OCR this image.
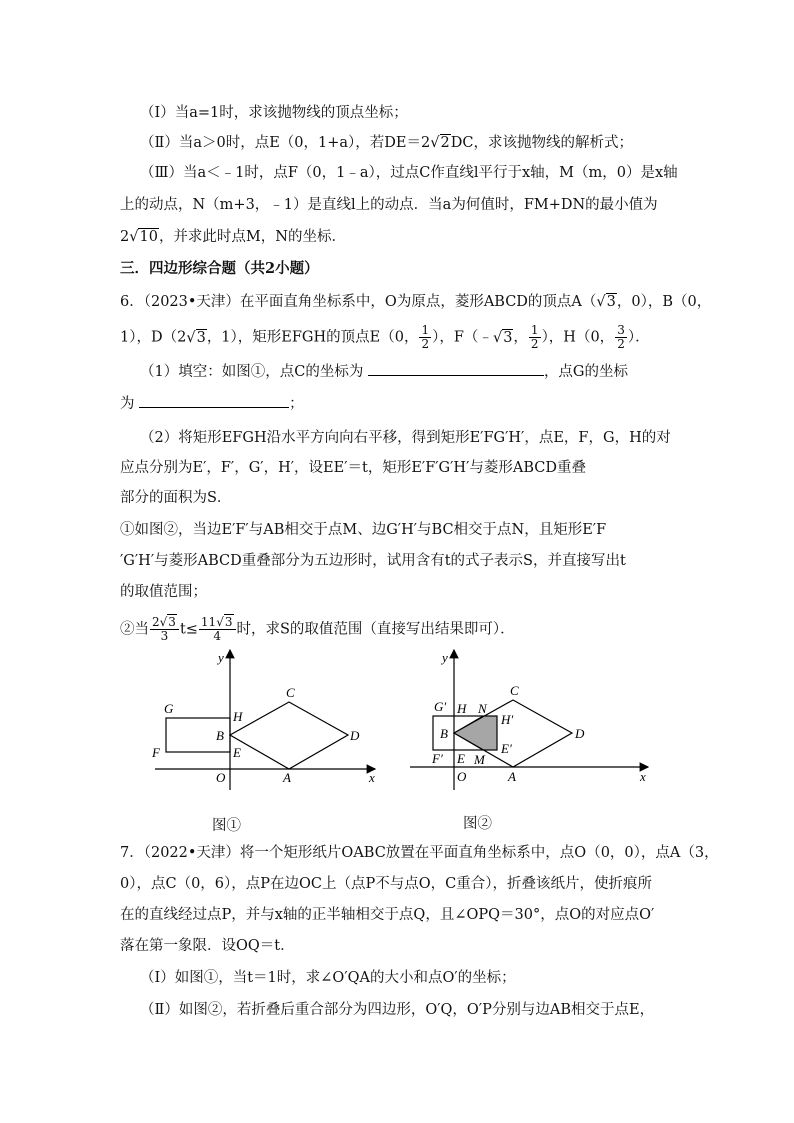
（Ⅰ）当a=1时，求该抛物线的顶点坐标；
（Ⅱ）当a＞0时，点E（0，1+a），若DE＝2√2DC，求该抛物线的解析式；
（Ⅲ）当a＜﹣1时，点F（0，1﹣a），过点C作直线l平行于x轴，M（m，0）是x轴
上的动点，N（m+3，﹣1）是直线l上的动点．当a为何值时，FM+DN的最小值为
2√10，并求此时点M，N的坐标．
三．四边形综合题（共2小题）
6．（2023•天津）在平面直角坐标系中，O为原点，菱形ABCD的顶点A（√3，0），B（0，
1），D（2√3，1），矩形EFGH的顶点E（0， $\frac{1}{2}$ ），F（﹣√3， $\frac{1}{2}$ ），H（0， $\frac{3}{2}$ ）．
（1）填空：如图①，点C的坐标为	，点G的坐标
为	；
（2）将矩形EFGH沿水平方向向右平移，得到矩形E′FG′H′，点E，F，G，H的对
应点分别为E′，F′，G′，H′，设EE′＝t，矩形E′F′G′H′与菱形ABCD重叠
部分的面积为S．
①如图②，当边E′F′与AB相交于点M、边G′H′与BC相交于点N，且矩形E′F
′G′H′与菱形ABCD重叠部分为五边形时，试用含有t的式子表示S，并直接写出t
的取值范围；
②当 $\frac{2√3}{3} t\le \frac{11√3}{4}$ 时，求S的取值范围（直接写出结果即可）．
y
x
O	A
B
C
D
E
F
G
H
图①
y
x
O	A
B
C
D
E
F′
G′ H N
M
H′
E′
图②
7．（2022•天津）将一个矩形纸片OABC放置在平面直角坐标系中，点O（0，0），点A（3，
0），点C（0，6），点P在边OC上（点P不与点O，C重合），折叠该纸片，使折痕所
在的直线经过点P，并与x轴的正半轴相交于点Q，且∠OPQ＝30°，点O的对应点O′
落在第一象限．设OQ＝t．
（Ⅰ）如图①，当t＝1时，求∠O′QA的大小和点O′的坐标；
（Ⅱ）如图②，若折叠后重合部分为四边形，O′Q，O′P分别与边AB相交于点E，
